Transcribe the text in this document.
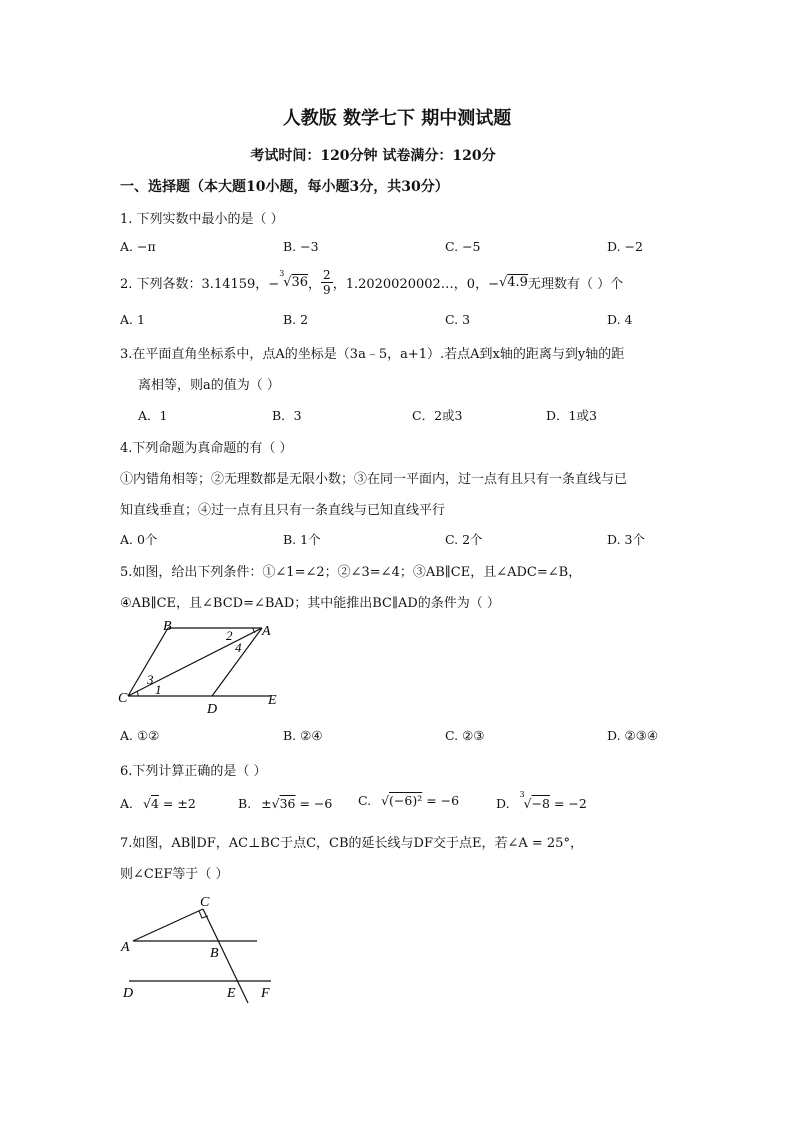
人教版 数学七下 期中测试题
考试时间：120分钟 试卷满分：120分
一、选择题（本大题10小题，每小题3分，共30分）
1. 下列实数中最小的是（ ）
A. −π	B. −3	C. −5	D. −2
2. 下列各数：3.14159，−
3
√36 ， $\frac{2}{9}$ ，1.2020020002…，0，− √4.9 无理数有（ ）个
A. 1	B. 2	C. 3	D. 4
3.在平面直角坐标系中，点A的坐标是（3a﹣5，a+1）.若点A到x轴的距离与到y轴的距
离相等，则a的值为（ ）
A．1	B．3	C．2或3	D．1或3
4.下列命题为真命题的有（ ）
①内错角相等；②无理数都是无限小数；③在同一平面内，过一点有且只有一条直线与已
知直线垂直；④过一点有且只有一条直线与已知直线平行
A. 0个	B. 1个	C. 2个	D. 3个
5.如图，给出下列条件：①∠1=∠2；②∠3=∠4；③AB∥CE，且∠ADC=∠B，
④AB∥CE，且∠BCD=∠BAD；其中能推出BC∥AD的条件为（ ）
B	A
C
D
E
1
2
3
4
A. ①②	B. ②④	C. ②③	D. ②③④
6.下列计算正确的是（ ）
A. √4 = ±2	B. ±√36 = −6 C. √(−6)² = −6	D.
3
√−8 = −2
7.如图，AB∥DF，AC⊥BC于点C，CB的延长线与DF交于点E，若∠A = 25°，
则∠CEF等于（ ）
C
A	B
D	E F
